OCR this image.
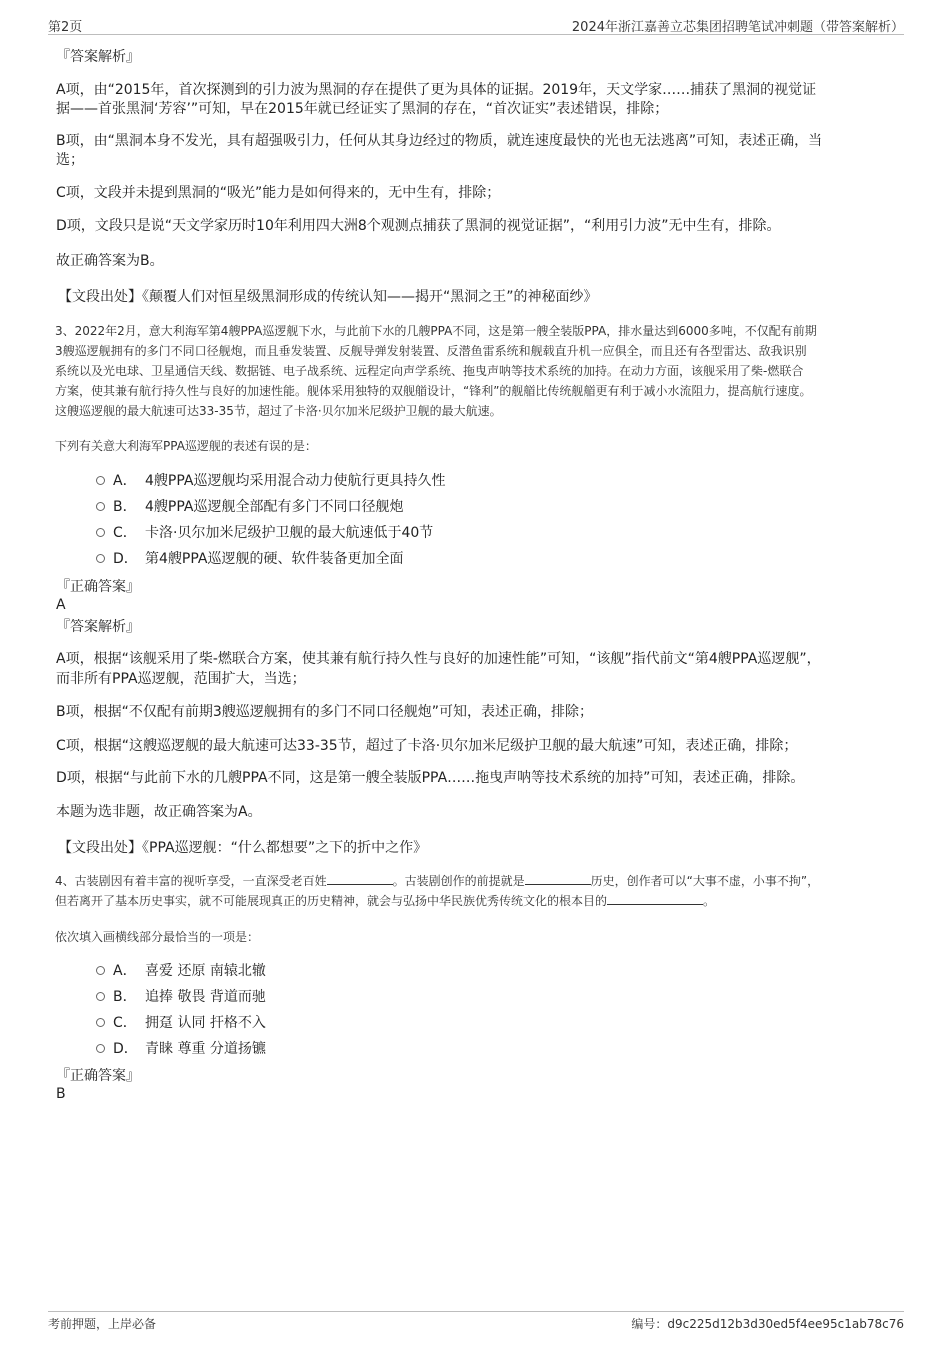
第2页	2024年浙江嘉善立芯集团招聘笔试冲刺题（带答案解析）
『答案解析』
A项，由“2015年，首次探测到的引力波为黑洞的存在提供了更为具体的证据。2019年，天文学家……捕获了黑洞的视觉证
据——首张黑洞‘芳容’”可知，早在2015年就已经证实了黑洞的存在，“首次证实”表述错误，排除；
B项，由“黑洞本身不发光，具有超强吸引力，任何从其身边经过的物质，就连速度最快的光也无法逃离”可知，表述正确，当
选；
C项，文段并未提到黑洞的“吸光”能力是如何得来的，无中生有，排除；
D项，文段只是说“天文学家历时10年利用四大洲8个观测点捕获了黑洞的视觉证据”，“利用引力波”无中生有，排除。
故正确答案为B。
【文段出处】《颠覆人们对恒星级黑洞形成的传统认知——揭开“黑洞之王”的神秘面纱》
3、2022年2月，意大利海军第4艘PPA巡逻舰下水，与此前下水的几艘PPA不同，这是第一艘全装版PPA，排水量达到6000多吨，不仅配有前期
3艘巡逻舰拥有的多门不同口径舰炮，而且垂发装置、反舰导弹发射装置、反潜鱼雷系统和舰载直升机一应俱全，而且还有各型雷达、敌我识别
系统以及光电球、卫星通信天线、数据链、电子战系统、远程定向声学系统、拖曳声呐等技术系统的加持。在动力方面，该舰采用了柴-燃联合
方案，使其兼有航行持久性与良好的加速性能。舰体采用独特的双舰艏设计，“锋利”的舰艏比传统舰艏更有利于减小水流阻力，提高航行速度。
这艘巡逻舰的最大航速可达33-35节，超过了卡洛·贝尔加米尼级护卫舰的最大航速。
下列有关意大利海军PPA巡逻舰的表述有误的是：
A． 4艘PPA巡逻舰均采用混合动力使航行更具持久性
B． 4艘PPA巡逻舰全部配有多门不同口径舰炮
C． 卡洛·贝尔加米尼级护卫舰的最大航速低于40节
D． 第4艘PPA巡逻舰的硬、软件装备更加全面
『正确答案』
A
『答案解析』
A项，根据“该舰采用了柴-燃联合方案，使其兼有航行持久性与良好的加速性能”可知，“该舰”指代前文“第4艘PPA巡逻舰”，
而非所有PPA巡逻舰，范围扩大，当选；
B项，根据“不仅配有前期3艘巡逻舰拥有的多门不同口径舰炮”可知，表述正确，排除；
C项，根据“这艘巡逻舰的最大航速可达33-35节，超过了卡洛·贝尔加米尼级护卫舰的最大航速”可知，表述正确，排除；
D项，根据“与此前下水的几艘PPA不同，这是第一艘全装版PPA……拖曳声呐等技术系统的加持”可知，表述正确，排除。
本题为选非题，故正确答案为A。
【文段出处】《PPA巡逻舰：“什么都想要”之下的折中之作》
4、古装剧因有着丰富的视听享受，一直深受老百姓	。古装剧创作的前提就是	历史，创作者可以“大事不虚，小事不拘”，
但若离开了基本历史事实，就不可能展现真正的历史精神，就会与弘扬中华民族优秀传统文化的根本目的	。
依次填入画横线部分最恰当的一项是：
A． 喜爱 还原 南辕北辙
B． 追捧 敬畏 背道而驰
C． 拥趸 认同 扞格不入
D． 青睐 尊重 分道扬镳
『正确答案』
B
考前押题，上岸必备	编号：d9c225d12b3d30ed5f4ee95c1ab78c76
